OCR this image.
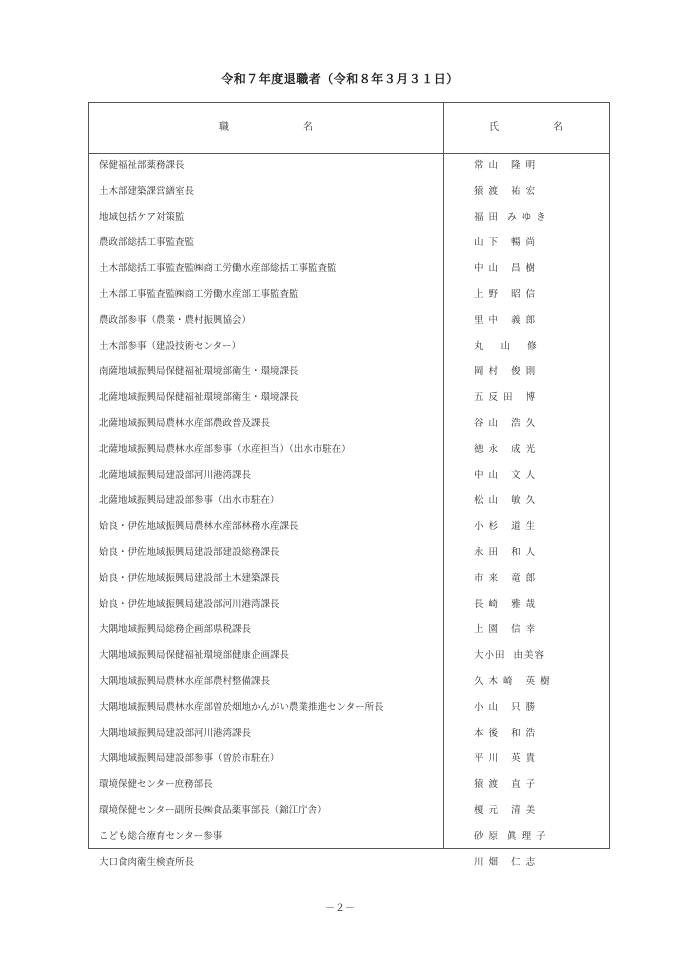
令和７年度退職者（令和８年３月３１日）
職　名	氏　名
保健福祉部薬務課長	常 山   隆 明
土木部建築課営繕室長	猿 渡   祐 宏
地域包括ケア対策監	福 田  み ゆ き
農政部総括工事監査監	山 下   暢 尚
土木部総括工事監査監㈱商工労働水産部総括工事監査監	中 山   昌 樹
土木部工事監査監㈱商工労働水産部工事監査監	上 野   昭 信
農政部参事（農業・農村振興協会）	里 中   義 郎
土木部参事（建設技術センター）	丸    山    修
南薩地域振興局保健福祉環境部衛生・環境課長	岡 村   俊 則
北薩地域振興局保健福祉環境部衛生・環境課長	五 反 田   博
北薩地域振興局農林水産部農政普及課長	谷 山   浩 久
北薩地域振興局農林水産部参事（水産担当）（出水市駐在）	徳 永   成 光
北薩地域振興局建設部河川港湾課長	中 山   文 人
北薩地域振興局建設部参事（出水市駐在）	松 山   敏 久
姶良・伊佐地域振興局農林水産部林務水産課長	小 杉   道 生
姶良・伊佐地域振興局建設部建設総務課長	永 田   和 人
姶良・伊佐地域振興局建設部土木建築課長	市 来   竜 郎
姶良・伊佐地域振興局建設部河川港湾課長	長 崎   雅 哉
大隅地域振興局総務企画部県税課長	上 園   信 幸
大隅地域振興局保健福祉環境部健康企画課長	大小田  由美容
大隅地域振興局農林水産部農村整備課長	久 木 崎   英 樹
大隅地域振興局農林水産部曽於畑地かんがい農業推進センター所長	小 山   只 勝
大隅地域振興局建設部河川港湾課長	本 後   和 浩
大隅地域振興局建設部参事（曽於市駐在）	平 川   英 貴
環境保健センター庶務部長	猿 渡   直 子
環境保健センター副所長㈱食品薬事部長（錦江庁舎）	榎 元   清 美
こども総合療育センター参事	砂 原  眞 理 子
大口食肉衛生検査所長	川 畑   仁 志
－２－
